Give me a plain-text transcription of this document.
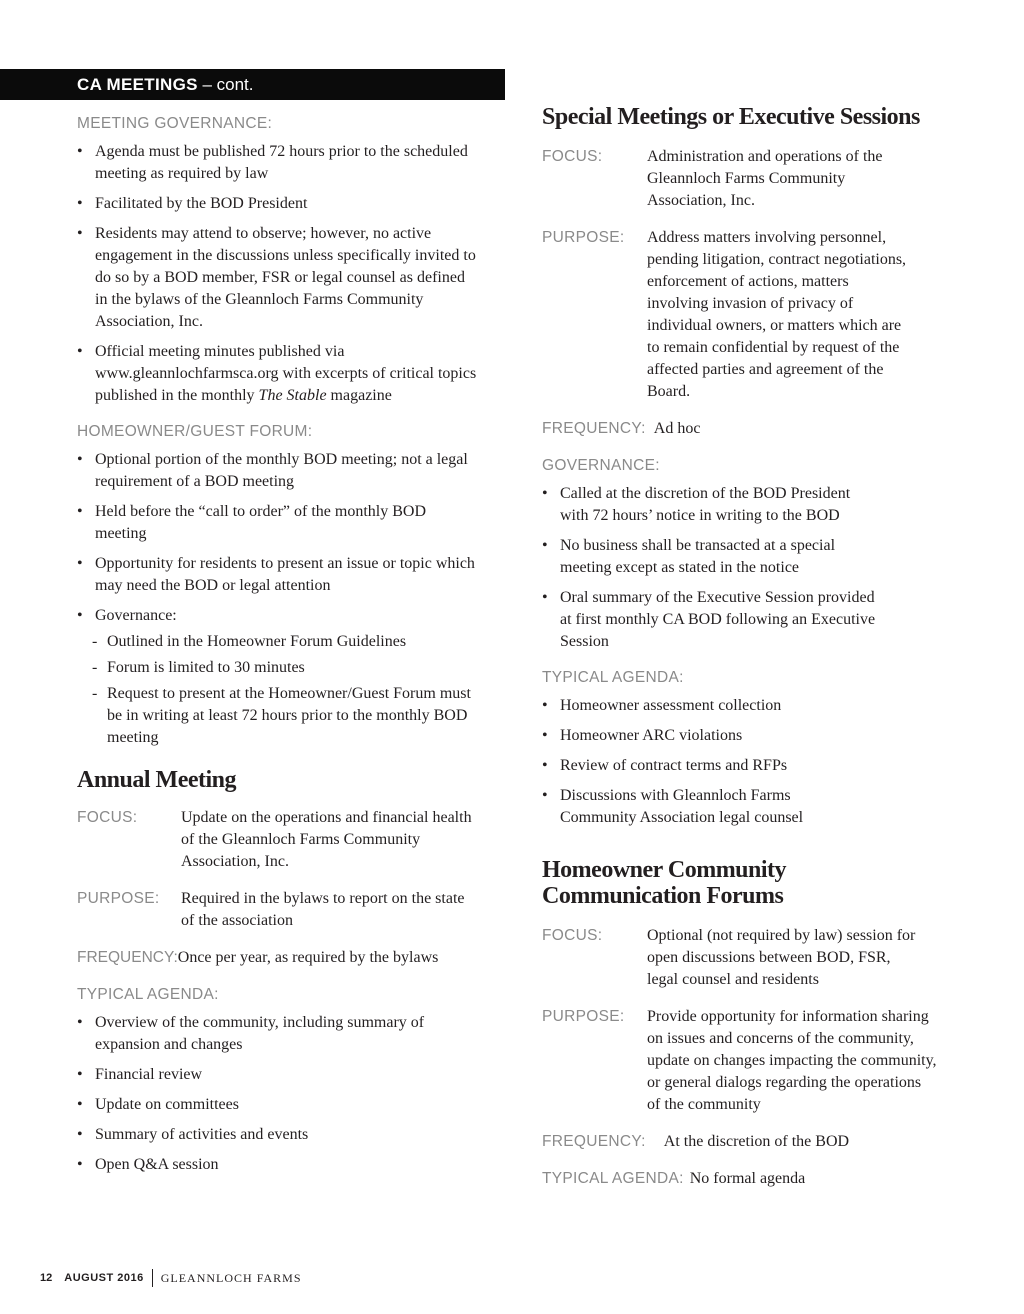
CA MEETINGS – cont.
MEETING GOVERNANCE:
• Agenda must be published 72 hours prior to the scheduled meeting as required by law
• Facilitated by the BOD President
• Residents may attend to observe; however, no active engagement in the discussions unless specifically invited to do so by a BOD member, FSR or legal counsel as defined in the bylaws of the Gleannloch Farms Community Association, Inc.
• Official meeting minutes published via www.gleannlochfarmsca.org with excerpts of critical topics published in the monthly The Stable magazine
HOMEOWNER/GUEST FORUM:
• Optional portion of the monthly BOD meeting; not a legal requirement of a BOD meeting
• Held before the “call to order” of the monthly BOD meeting
• Opportunity for residents to present an issue or topic which may need the BOD or legal attention
• Governance:
- Outlined in the Homeowner Forum Guidelines
- Forum is limited to 30 minutes
- Request to present at the Homeowner/Guest Forum must be in writing at least 72 hours prior to the monthly BOD meeting
Annual Meeting
FOCUS:	Update on the operations and financial health of the Gleannloch Farms Community Association, Inc.
PURPOSE:	Required in the bylaws to report on the state of the association
FREQUENCY: Once per year, as required by the bylaws
TYPICAL AGENDA:
• Overview of the community, including summary of expansion and changes
• Financial review
• Update on committees
• Summary of activities and events
• Open Q&A session
Special Meetings or Executive Sessions
FOCUS:	Administration and operations of the Gleannloch Farms Community Association, Inc.
PURPOSE:	Address matters involving personnel, pending litigation, contract negotiations, enforcement of actions, matters involving invasion of privacy of individual owners, or matters which are to remain confidential by request of the affected parties and agreement of the Board.
FREQUENCY: Ad hoc
GOVERNANCE:
• Called at the discretion of the BOD President with 72 hours’ notice in writing to the BOD
• No business shall be transacted at a special meeting except as stated in the notice
• Oral summary of the Executive Session provided at first monthly CA BOD following an Executive Session
TYPICAL AGENDA:
• Homeowner assessment collection
• Homeowner ARC violations
• Review of contract terms and RFPs
• Discussions with Gleannloch Farms Community Association legal counsel
Homeowner Community
Communication Forums
FOCUS:	Optional (not required by law) session for open discussions between BOD, FSR, legal counsel and residents
PURPOSE:	Provide opportunity for information sharing on issues and concerns of the community, update on changes impacting the community, or general dialogs regarding the operations of the community
FREQUENCY: At the discretion of the BOD
TYPICAL AGENDA: No formal agenda
12 AUGUST 2016 GLEANNLOCH FARMS
